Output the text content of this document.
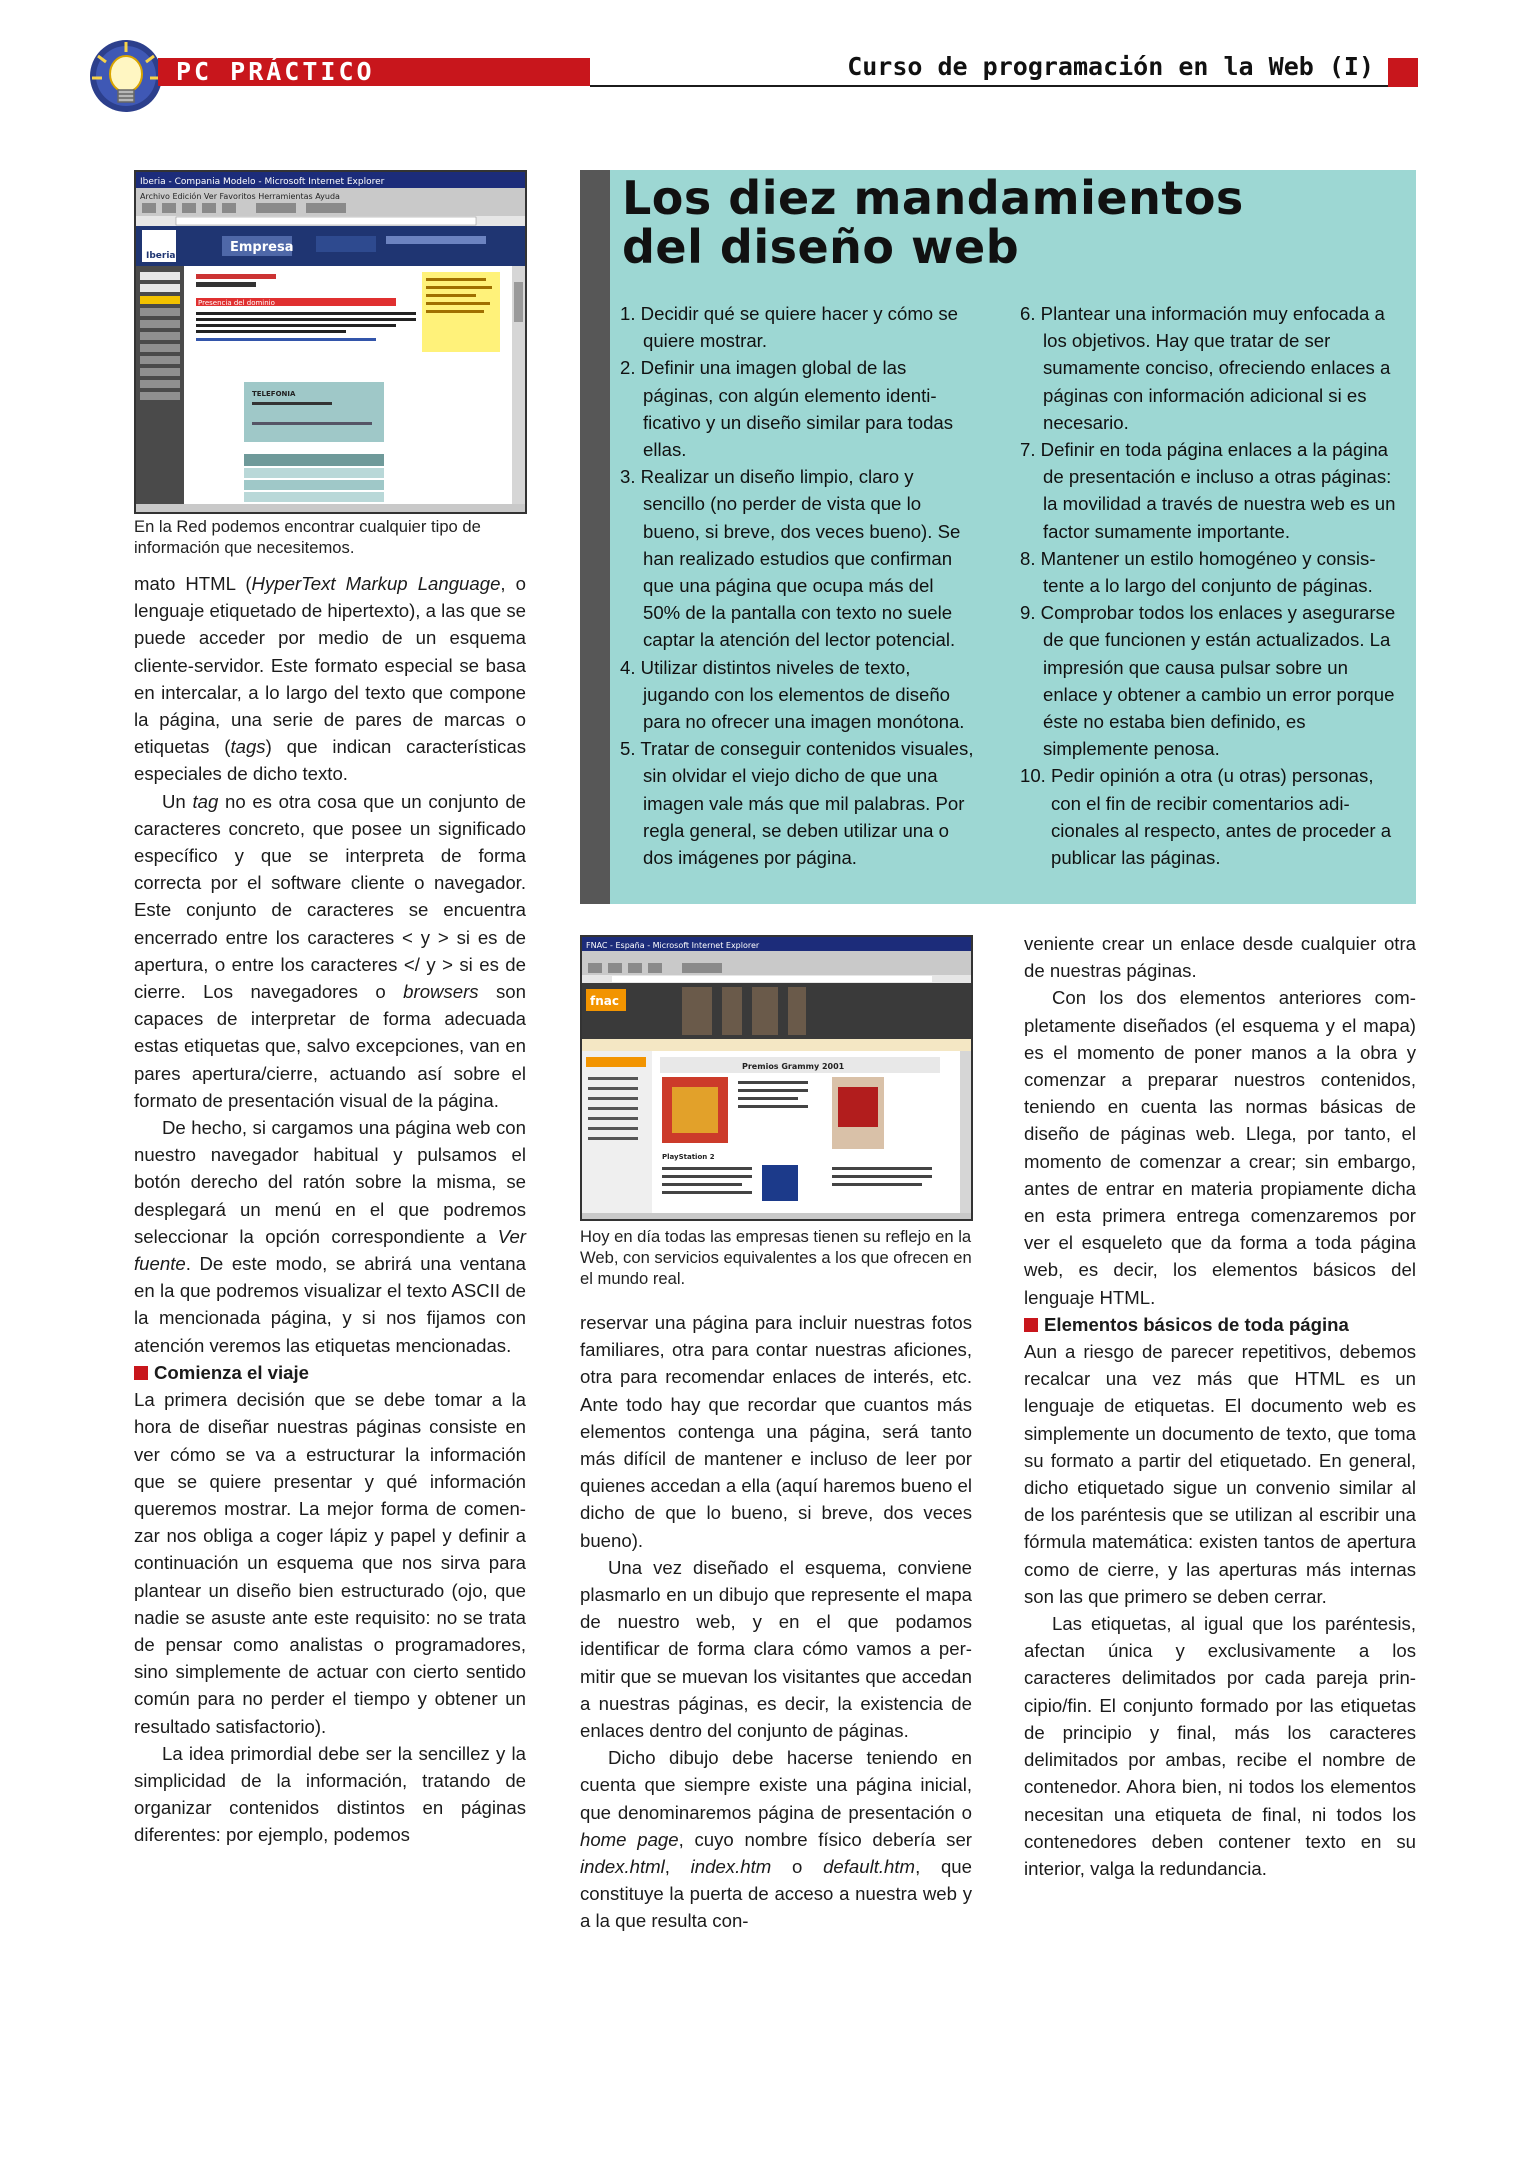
PC PRÁCTICO	Curso de programación en la Web (I)
Iberia - Compania Modelo - Microsoft Internet Explorer
Archivo Edición Ver Favoritos Herramientas Ayuda
Iberia
Empresa
Presencia del dominio
TELEFONIA
En la Red podemos encontrar cualquier tipo de información que necesitemos.

mato HTML (HyperText Markup Language, o lenguaje etiquetado de hipertexto), a las que se puede acceder por medio de un esquema cliente-servidor. Este formato especial se basa en intercalar, a lo largo del texto que compone la página, una serie de pares de marcas o etiquetas (tags) que indican características especiales de dicho texto.

Un tag no es otra cosa que un conjunto de caracteres concreto, que posee un significado específico y que se interpreta de forma correcta por el software cliente o navegador. Este conjunto de caracteres se encuentra encerrado entre los caracteres < y > si es de apertura, o entre los caracteres </ y > si es de cierre. Los navegadores o browsers son capaces de interpretar de forma adecuada estas etiquetas que, salvo excepciones, van en pares apertura/cierre, actuando así sobre el formato de presentación visual de la página.

De hecho, si cargamos una página web con nuestro navegador habitual y pulsamos el botón derecho del ratón sobre la misma, se desplegará un menú en el que podremos seleccionar la opción correspondiente a Ver fuente. De este modo, se abrirá una ventana en la que podremos visualizar el texto ASCII de la mencionada página, y si nos fijamos con atención veremos las etiquetas mencionadas.

Comienza el viaje

La primera decisión que se debe tomar a la hora de diseñar nuestras páginas consiste en ver cómo se va a estructurar la información que se quiere presentar y qué información queremos mostrar. La mejor forma de comenzar nos obliga a coger lápiz y papel y definir a continuación un esquema que nos sirva para plantear un diseño bien estructurado (ojo, que nadie se asuste ante este requisito: no se trata de pensar como analistas o programadores, sino simplemente de actuar con cierto sentido común para no perder el tiempo y obtener un resultado satisfactorio).

La idea primordial debe ser la sencillez y la simplicidad de la información, tratando de organizar contenidos distintos en páginas diferentes: por ejemplo, podemos

Los diez mandamientos
del diseño web
1. Decidir qué se quiere hacer y cómo se quiere mostrar.
2. Definir una imagen global de las páginas, con algún elemento identificativo y un diseño similar para todas ellas.
3. Realizar un diseño limpio, claro y sencillo (no perder de vista que lo bueno, si breve, dos veces bueno). Se han realizado estudios que confirman que una página que ocupa más del 50% de la pantalla con texto no suele captar la atención del lector potencial.
4. Utilizar distintos niveles de texto, jugando con los elementos de diseño para no ofrecer una imagen monótona.
5. Tratar de conseguir contenidos visuales, sin olvidar el viejo dicho de que una imagen vale más que mil palabras. Por regla general, se deben utilizar una o dos imágenes por página.
6. Plantear una información muy enfocada a los objetivos. Hay que tratar de ser sumamente conciso, ofreciendo enlaces a páginas con información adicional si es necesario.
7. Definir en toda página enlaces a la página de presentación e incluso a otras páginas: la movilidad a través de nuestra web es un factor sumamente importante.
8. Mantener un estilo homogéneo y consistente a lo largo del conjunto de páginas.
9. Comprobar todos los enlaces y asegurarse de que funcionen y están actualizados. La impresión que causa pulsar sobre un enlace y obtener a cambio un error porque éste no estaba bien definido, es simplemente penosa.
10. Pedir opinión a otra (u otras) personas, con el fin de recibir comentarios adicionales al respecto, antes de proceder a publicar las páginas.
FNAC - España - Microsoft Internet Explorer
fnac
Premios Grammy 2001
PlayStation 2
Hoy en día todas las empresas tienen su reflejo en la Web, con servicios equivalentes a los que ofrecen en el mundo real.

reservar una página para incluir nuestras fotos familiares, otra para contar nuestras aficiones, otra para recomendar enlaces de interés, etc. Ante todo hay que recordar que cuantos más elementos contenga una página, será tanto más difícil de mantener e incluso de leer por quienes accedan a ella (aquí haremos bueno el dicho de que lo bueno, si breve, dos veces bueno).

Una vez diseñado el esquema, conviene plasmarlo en un dibujo que represente el mapa de nuestro web, y en el que podamos identificar de forma clara cómo vamos a permitir que se muevan los visitantes que accedan a nuestras páginas, es decir, la existencia de enlaces dentro del conjunto de páginas.

Dicho dibujo debe hacerse teniendo en cuenta que siempre existe una página inicial, que denominaremos página de presentación o home page, cuyo nombre físico debería ser index.html, index.htm o default.htm, que constituye la puerta de acceso a nuestra web y a la que resulta con-

veniente crear un enlace desde cualquier otra de nuestras páginas.

Con los dos elementos anteriores completamente diseñados (el esquema y el mapa) es el momento de poner manos a la obra y comenzar a preparar nuestros contenidos, teniendo en cuenta las normas básicas de diseño de páginas web. Llega, por tanto, el momento de comenzar a crear; sin embargo, antes de entrar en materia propiamente dicha en esta primera entrega comenzaremos por ver el esqueleto que da forma a toda página web, es decir, los elementos básicos del lenguaje HTML.

Elementos básicos de toda página

Aun a riesgo de parecer repetitivos, debemos recalcar una vez más que HTML es un lenguaje de etiquetas. El documento web es simplemente un documento de texto, que toma su formato a partir del etiquetado. En general, dicho etiquetado sigue un convenio similar al de los paréntesis que se utilizan al escribir una fórmula matemática: existen tantos de apertura como de cierre, y las aperturas más internas son las que primero se deben cerrar.

Las etiquetas, al igual que los paréntesis, afectan única y exclusivamente a los caracteres delimitados por cada pareja principio/fin. El conjunto formado por las etiquetas de principio y final, más los caracteres delimitados por ambas, recibe el nombre de contenedor. Ahora bien, ni todos los elementos necesitan una etiqueta de final, ni todos los contenedores deben contener texto en su interior, valga la redundancia.
